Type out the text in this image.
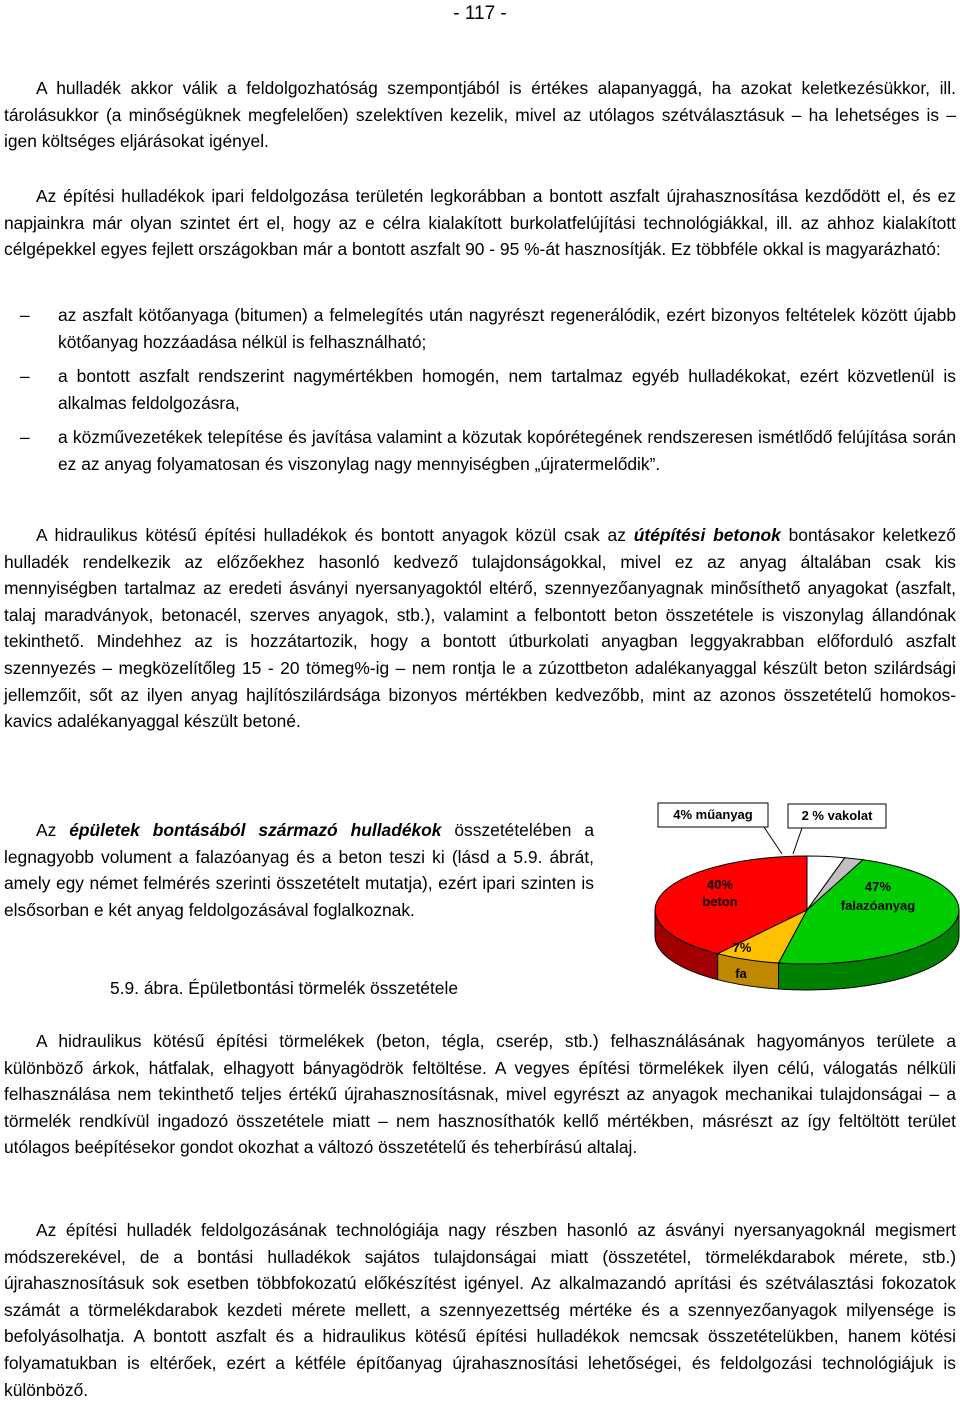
- 117 -

A hulladék akkor válik a feldolgozhatóság szempontjából is értékes alapanyaggá, ha azokat keletkezésükkor, ill. tárolásukkor (a minőségüknek megfelelően) szelektíven kezelik, mivel az utólagos szétválasztásuk – ha lehetséges is – igen költséges eljárásokat igényel.

Az építési hulladékok ipari feldolgozása területén legkorábban a bontott aszfalt újrahasznosítása kezdődött el, és ez napjainkra már olyan szintet ért el, hogy az e célra kialakított burkolatfelújítási technológiákkal, ill. az ahhoz kialakított célgépekkel egyes fejlett országokban már a bontott aszfalt 90 - 95 %-át hasznosítják. Ez többféle okkal is magyarázható:

– az aszfalt kötőanyaga (bitumen) a felmelegítés után nagyrészt regenerálódik, ezért bizonyos feltételek között újabb kötőanyag hozzáadása nélkül is felhasználható;
– a bontott aszfalt rendszerint nagymértékben homogén, nem tartalmaz egyéb hulladékokat, ezért közvetlenül is alkalmas feldolgozásra,
– a közművezetékek telepítése és javítása valamint a közutak kopórétegének rendszeresen ismétlődő felújítása során ez az anyag folyamatosan és viszonylag nagy mennyiségben „újratermelődik”.

A hidraulikus kötésű építési hulladékok és bontott anyagok közül csak az útépítési betonok bontásakor keletkező hulladék rendelkezik az előzőekhez hasonló kedvező tulajdonságokkal, mivel ez az anyag általában csak kis mennyiségben tartalmaz az eredeti ásványi nyersanyagoktól eltérő, szennyezőanyagnak minősíthető anyagokat (aszfalt, talaj maradványok, betonacél, szerves anyagok, stb.), valamint a felbontott beton összetétele is viszonylag állandónak tekinthető. Mindehhez az is hozzátartozik, hogy a bontott útburkolati anyagban leggyakrabban előforduló aszfalt szennyezés – megközelítőleg 15 - 20 tömeg%-ig – nem rontja le a zúzottbeton adalékanyaggal készült beton szilárdsági jellemzőit, sőt az ilyen anyag hajlítószilárdsága bizonyos mértékben kedvezőbb, mint az azonos összetételű homokos-kavics adalékanyaggal készült betoné.

Az épületek bontásából származó hulladékok összetételében a legnagyobb volument a falazóanyag és a beton teszi ki (lásd a 5.9. ábrát, amely egy német felmérés szerinti összetételt mutatja), ezért ipari szinten is elsősorban e két anyag feldolgozásával foglalkoznak.

5.9. ábra. Épületbontási törmelék összetétele
4% műanyag	2 % vakolat
40%
beton
47%
falazóanyag
7%
fa

A hidraulikus kötésű építési törmelékek (beton, tégla, cserép, stb.) felhasználásának hagyományos területe a különböző árkok, hátfalak, elhagyott bányagödrök feltöltése. A vegyes építési törmelékek ilyen célú, válogatás nélküli felhasználása nem tekinthető teljes értékű újrahasznosításnak, mivel egyrészt az anyagok mechanikai tulajdonságai – a törmelék rendkívül ingadozó összetétele miatt – nem hasznosíthatók kellő mértékben, másrészt az így feltöltött terület utólagos beépítésekor gondot okozhat a változó összetételű és teherbírású altalaj.

Az építési hulladék feldolgozásának technológiája nagy részben hasonló az ásványi nyersanyagoknál megismert módszerekével, de a bontási hulladékok sajátos tulajdonságai miatt (összetétel, törmelékdarabok mérete, stb.) újrahasznosításuk sok esetben többfokozatú előkészítést igényel. Az alkalmazandó aprítási és szétválasztási fokozatok számát a törmelékdarabok kezdeti mérete mellett, a szennyezettség mértéke és a szennyezőanyagok milyensége is befolyásolhatja. A bontott aszfalt és a hidraulikus kötésű építési hulladékok nemcsak összetételükben, hanem kötési folyamatukban is eltérőek, ezért a kétféle építőanyag újrahasznosítási lehetőségei, és feldolgozási technológiájuk is különböző.
